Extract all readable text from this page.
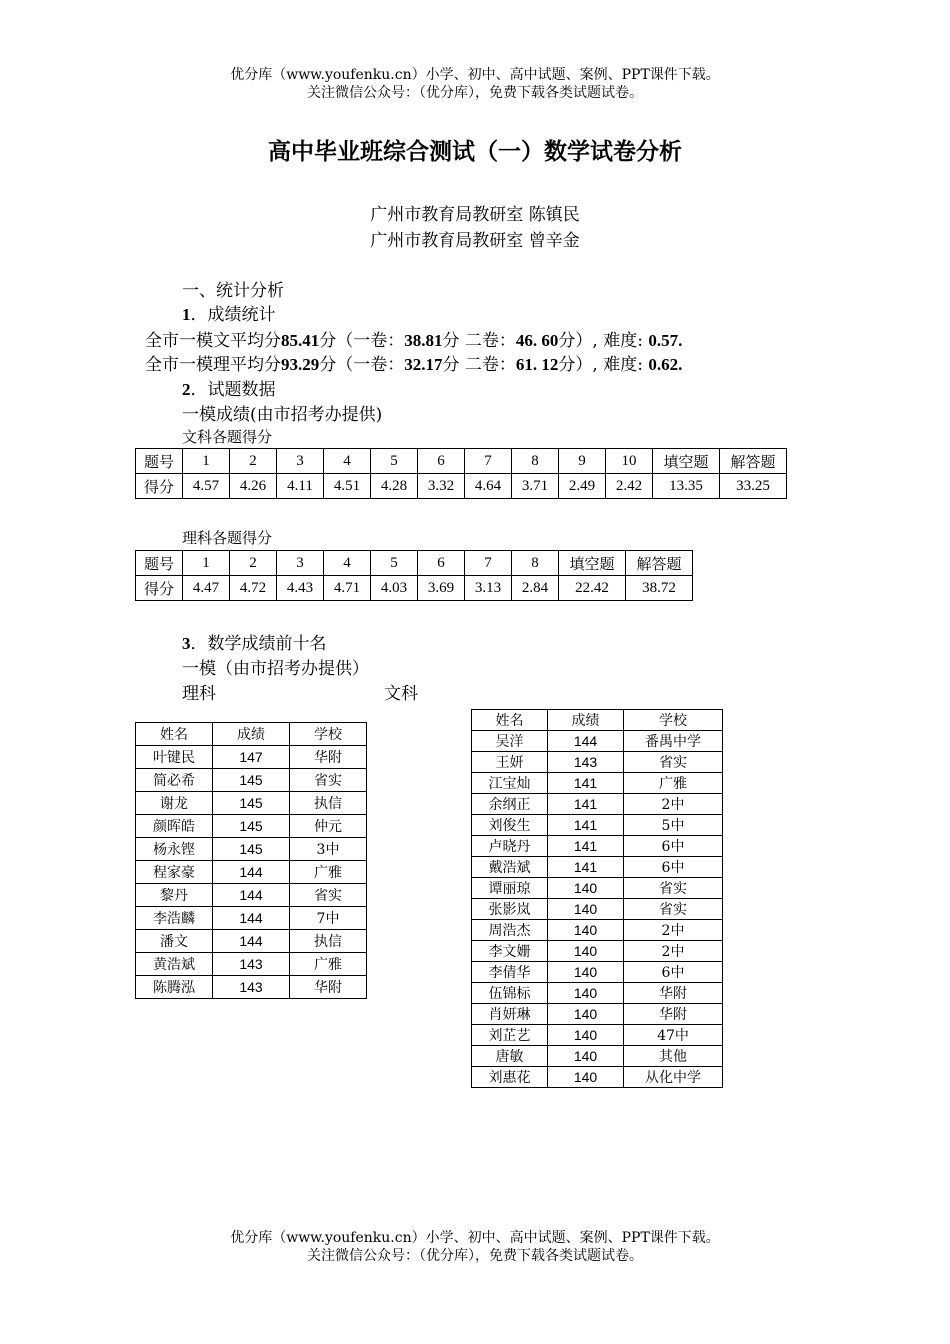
优分库（www.youfenku.cn）小学、初中、高中试题、案例、PPT课件下载。
关注微信公众号：（优分库），免费下载各类试题试卷。
高中毕业班综合测试（一）数学试卷分析
广州市教育局教研室 陈镇民
广州市教育局教研室 曾辛金
一、统计分析
1．成绩统计
全市一模文平均分85.41分（一卷：38.81分 二卷：46. 60分）, 难度: 0.57.
全市一模理平均分93.29分（一卷：32.17分 二卷：61. 12分）, 难度: 0.62.
2．试题数据
一模成绩(由市招考办提供)
文科各题得分
题号	1	2	3	4	5	6	7	8	9	10	填空题	解答题
得分	4.57	4.26	4.11	4.51	4.28	3.32	4.64	3.71	2.49	2.42	13.35	33.25
理科各题得分
题号	1	2	3	4	5	6	7	8	填空题	解答题
得分	4.47	4.72	4.43	4.71	4.03	3.69	3.13	2.84	22.42	38.72
3．数学成绩前十名
一模（由市招考办提供）
理科	文科
姓名	成绩	学校
叶键民	147	华附
简必希	145	省实
谢龙	145	执信
颜晖皓	145	仲元
杨永铿	145	3中
程家豪	144	广雅
黎丹	144	省实
李浩麟	144	7中
潘文	144	执信
黄浩斌	143	广雅
陈腾泓	143	华附
姓名	成绩	学校
吴洋	144	番禺中学
王妍	143	省实
江宝灿	141	广雅
余纲正	141	2中
刘俊生	141	5中
卢晓丹	141	6中
戴浩斌	141	6中
谭丽琼	140	省实
张影岚	140	省实
周浩杰	140	2中
李文姗	140	2中
李倩华	140	6中
伍锦标	140	华附
肖妍琳	140	华附
刘芷艺	140	47中
唐敏	140	其他
刘惠花	140	从化中学
优分库（www.youfenku.cn）小学、初中、高中试题、案例、PPT课件下载。
关注微信公众号：（优分库），免费下载各类试题试卷。
